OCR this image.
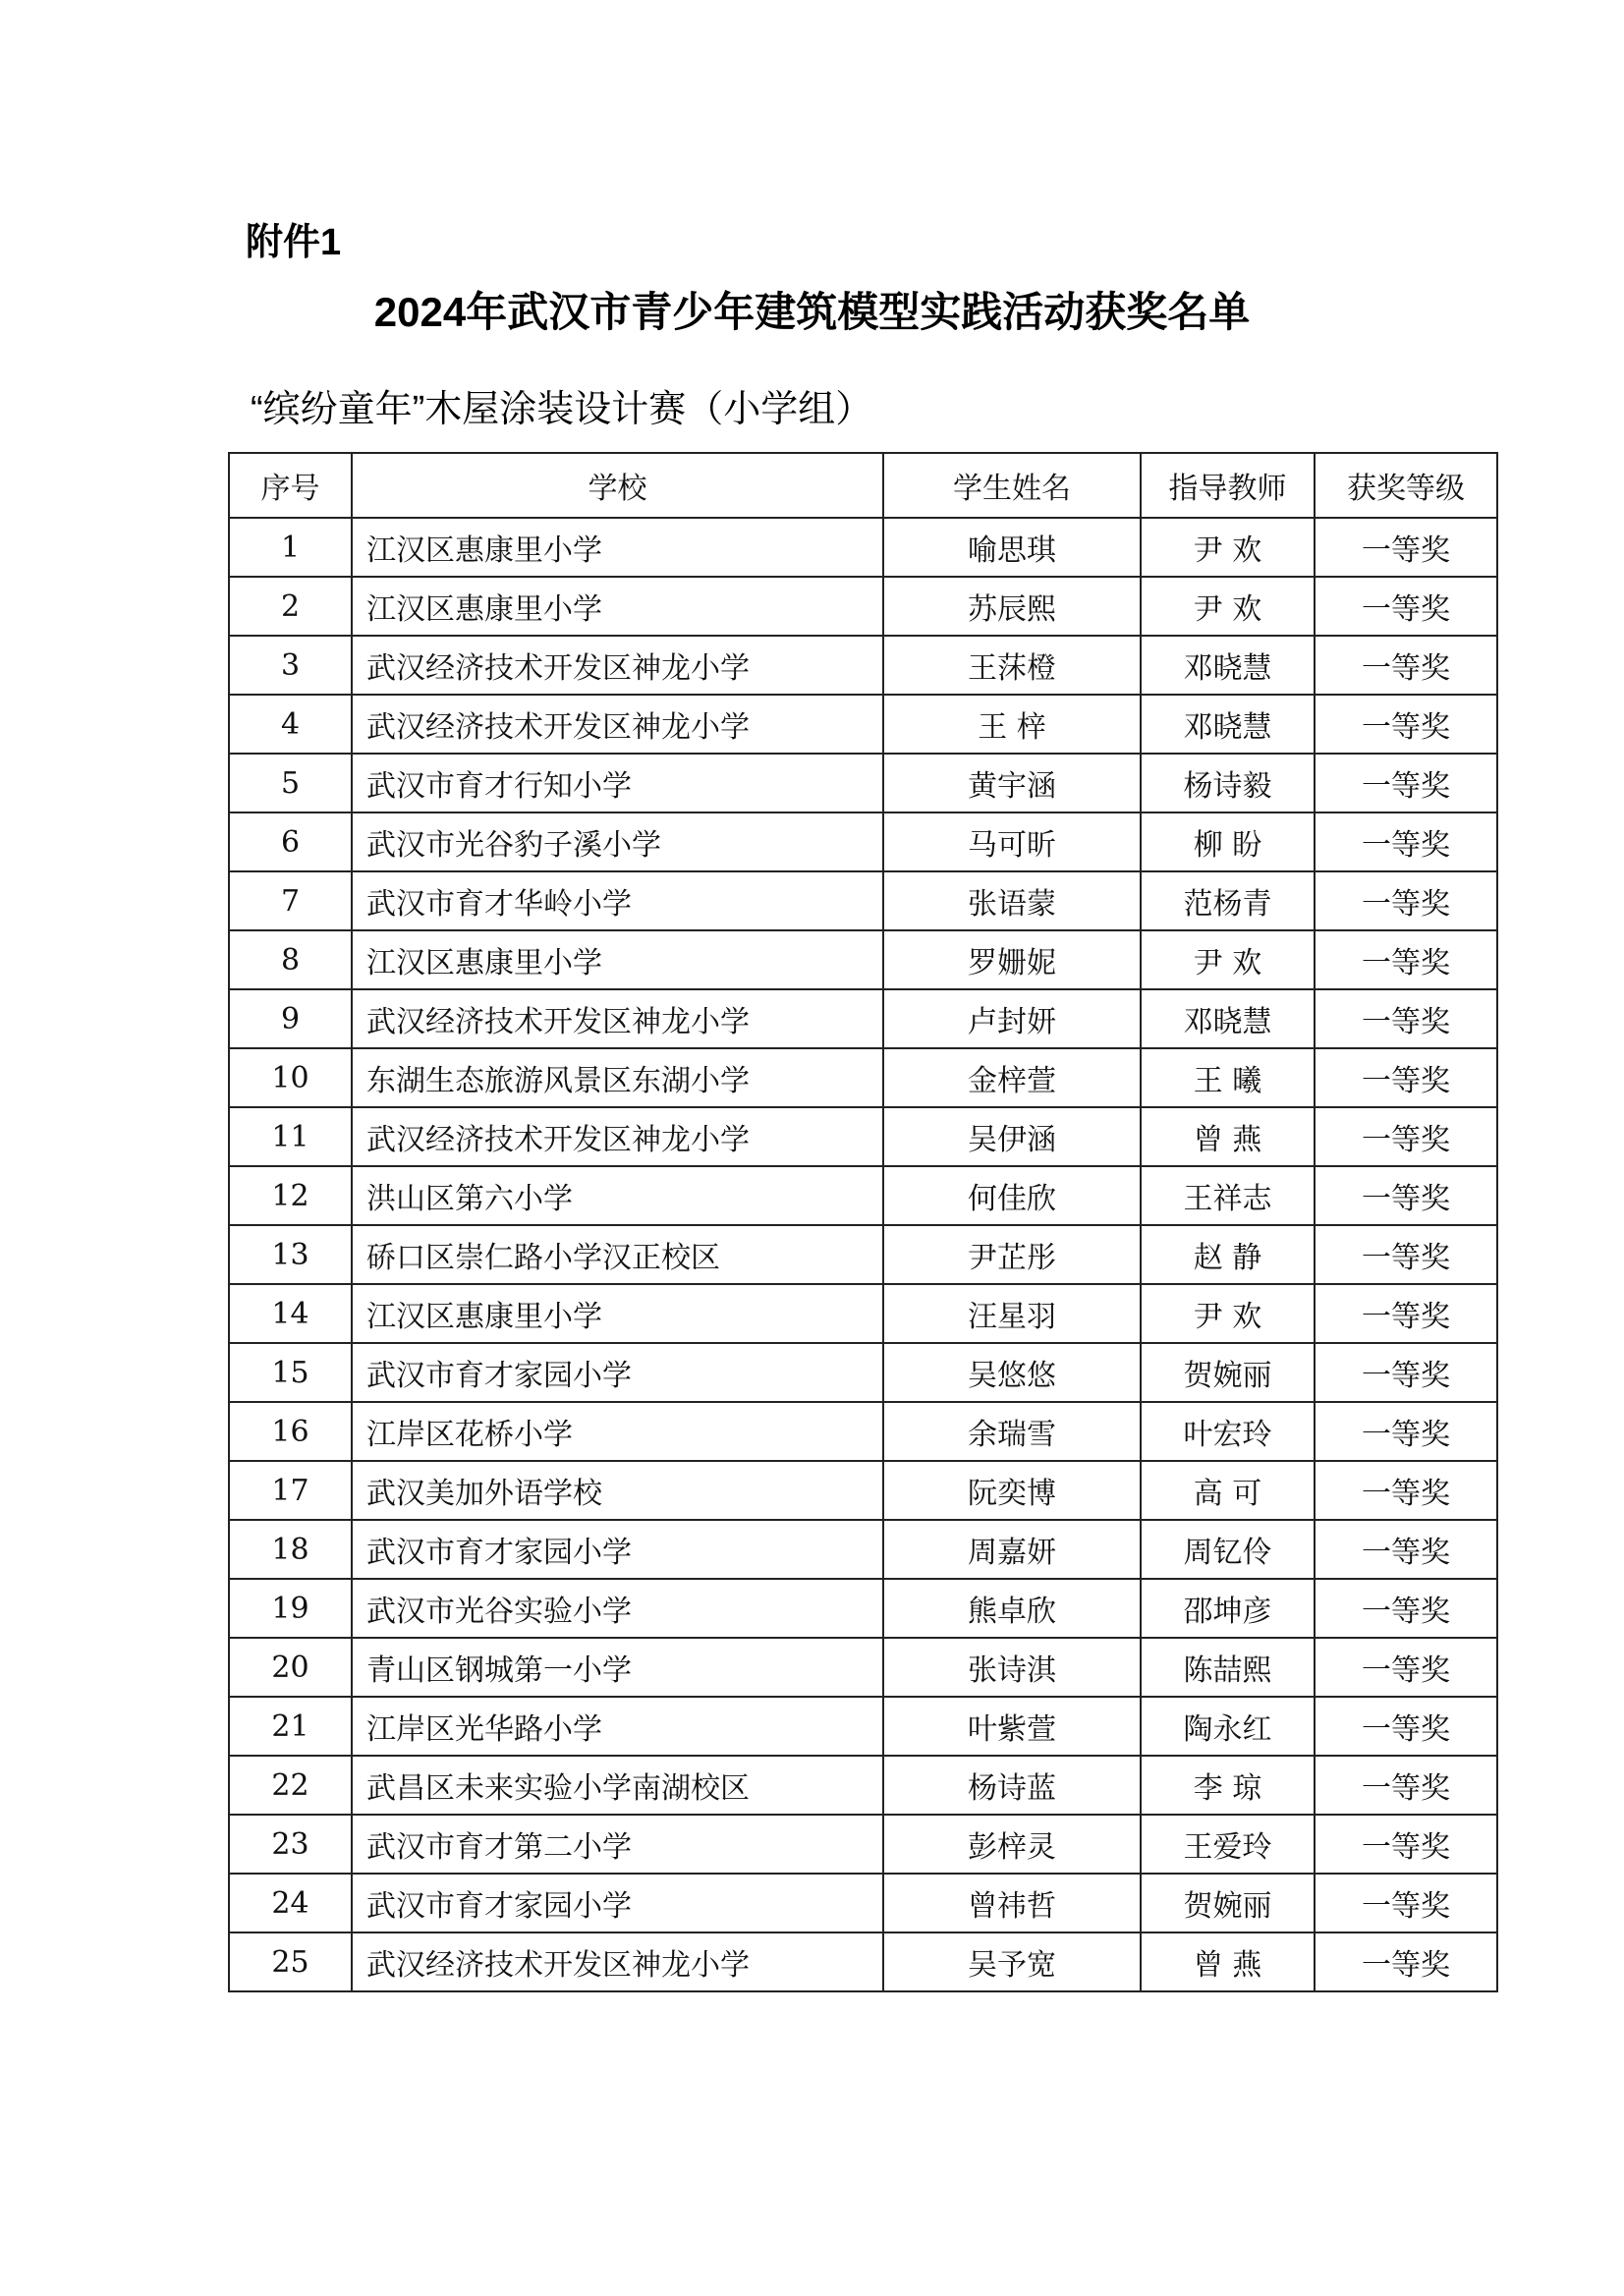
附件1
2024年武汉市青少年建筑模型实践活动获奖名单
“缤纷童年”木屋涂装设计赛（小学组）
序号	学校	学生姓名	指导教师	获奖等级
1	江汉区惠康里小学	喻思琪	尹 欢	一等奖
2	江汉区惠康里小学	苏辰熙	尹 欢	一等奖
3	武汉经济技术开发区神龙小学	王莯橙	邓晓慧	一等奖
4	武汉经济技术开发区神龙小学	王 梓	邓晓慧	一等奖
5	武汉市育才行知小学	黄宇涵	杨诗毅	一等奖
6	武汉市光谷豹子溪小学	马可昕	柳 盼	一等奖
7	武汉市育才华岭小学	张语蒙	范杨青	一等奖
8	江汉区惠康里小学	罗姗妮	尹 欢	一等奖
9	武汉经济技术开发区神龙小学	卢封妍	邓晓慧	一等奖
10	东湖生态旅游风景区东湖小学	金梓萱	王 曦	一等奖
11	武汉经济技术开发区神龙小学	吴伊涵	曾 燕	一等奖
12	洪山区第六小学	何佳欣	王祥志	一等奖
13	硚口区崇仁路小学汉正校区	尹芷彤	赵 静	一等奖
14	江汉区惠康里小学	汪星羽	尹 欢	一等奖
15	武汉市育才家园小学	吴悠悠	贺婉丽	一等奖
16	江岸区花桥小学	余瑞雪	叶宏玲	一等奖
17	武汉美加外语学校	阮奕博	高 可	一等奖
18	武汉市育才家园小学	周嘉妍	周钇伶	一等奖
19	武汉市光谷实验小学	熊卓欣	邵坤彦	一等奖
20	青山区钢城第一小学	张诗淇	陈喆熙	一等奖
21	江岸区光华路小学	叶紫萱	陶永红	一等奖
22	武昌区未来实验小学南湖校区	杨诗蓝	李 琼	一等奖
23	武汉市育才第二小学	彭梓灵	王爱玲	一等奖
24	武汉市育才家园小学	曾祎哲	贺婉丽	一等奖
25	武汉经济技术开发区神龙小学	吴予宽	曾 燕	一等奖
